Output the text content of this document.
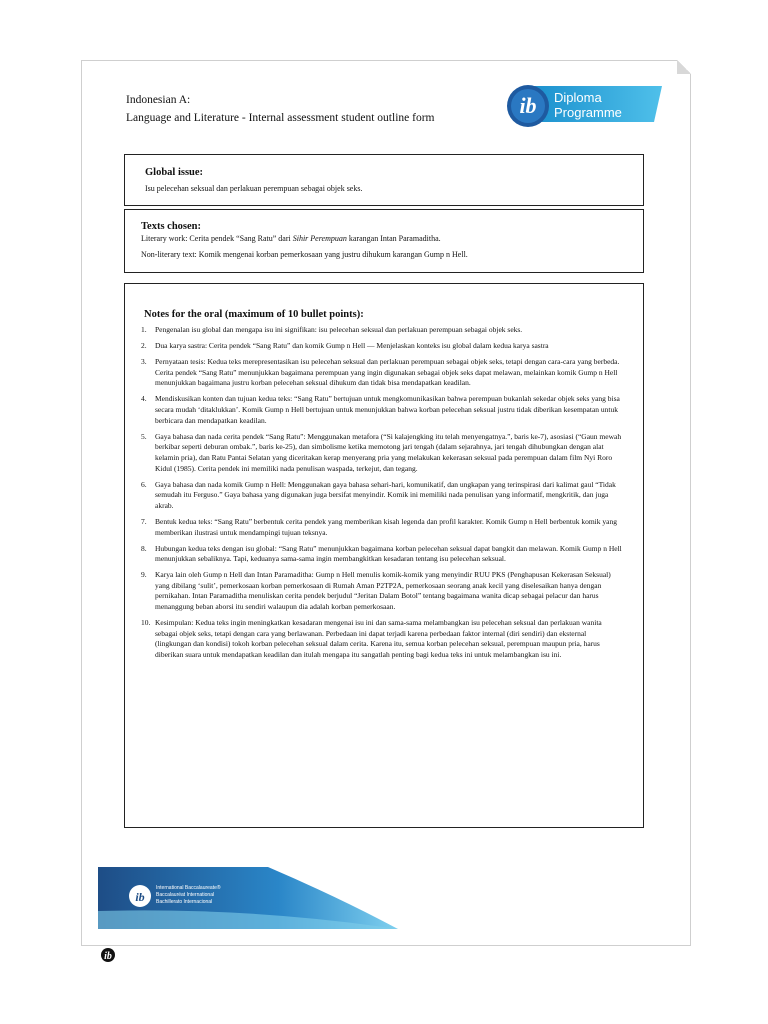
Indonesian A:
Language and Literature - Internal assessment student outline form	ib Diploma
Programme
Global issue:

Isu pelecehan seksual dan perlakuan perempuan sebagai objek seks.

Texts chosen:

Literary work: Cerita pendek “Sang Ratu” dari Sihir Perempuan karangan Intan Paramaditha.

Non-literary text: Komik mengenai korban pemerkosaan yang justru dihukum karangan Gump n Hell.

Notes for the oral (maximum of 10 bullet points):
1.	Pengenalan isu global dan mengapa isu ini signifikan: isu pelecehan seksual dan perlakuan perempuan sebagai objek seks.
2.	Dua karya sastra: Cerita pendek “Sang Ratu” dan komik Gump n Hell — Menjelaskan konteks isu global dalam kedua karya sastra
3.	Pernyataan tesis: Kedua teks merepresentasikan isu pelecehan seksual dan perlakuan perempuan sebagai objek seks, tetapi dengan cara-cara yang berbeda. Cerita pendek “Sang Ratu” menunjukkan bagaimana perempuan yang ingin digunakan sebagai objek seks dapat melawan, melainkan komik Gump n Hell menunjukkan bagaimana justru korban pelecehan seksual dihukum dan tidak bisa mendapatkan keadilan.
4.	Mendiskusikan konten dan tujuan kedua teks: “Sang Ratu” bertujuan untuk mengkomunikasikan bahwa perempuan bukanlah sekedar objek seks yang bisa secara mudah ‘ditaklukkan’. Komik Gump n Hell bertujuan untuk menunjukkan bahwa korban pelecehan seksual justru tidak diberikan kesempatan untuk berbicara dan mendapatkan keadilan.
5.	Gaya bahasa dan nada cerita pendek “Sang Ratu”: Menggunakan metafora (“Si kalajengking itu telah menyengatnya.”, baris ke-7), asosiasi (“Gaun mewah berkibar seperti deburan ombak.”, baris ke-25), dan simbolisme ketika memotong jari tengah (dalam sejarahnya, jari tengah dihubungkan dengan alat kelamin pria), dan Ratu Pantai Selatan yang diceritakan kerap menyerang pria yang melakukan kekerasan seksual pada perempuan dalam film Nyi Roro Kidul (1985). Cerita pendek ini memiliki nada penulisan waspada, terkejut, dan tegang.
6.	Gaya bahasa dan nada komik Gump n Hell: Menggunakan gaya bahasa sehari-hari, komunikatif, dan ungkapan yang terinspirasi dari kalimat gaul “Tidak semudah itu Ferguso.” Gaya bahasa yang digunakan juga bersifat menyindir. Komik ini memiliki nada penulisan yang informatif, mengkritik, dan juga akrab.
7.	Bentuk kedua teks: “Sang Ratu” berbentuk cerita pendek yang memberikan kisah legenda dan profil karakter. Komik Gump n Hell berbentuk komik yang memberikan ilustrasi untuk mendampingi tujuan teksnya.
8.	Hubungan kedua teks dengan isu global: “Sang Ratu” menunjukkan bagaimana korban pelecehan seksual dapat bangkit dan melawan. Komik Gump n Hell menunjukkan sebaliknya. Tapi, keduanya sama-sama ingin membangkitkan kesadaran tentang isu pelecehan seksual.
9.	Karya lain oleh Gump n Hell dan Intan Paramaditha: Gump n Hell menulis komik-komik yang menyindir RUU PKS (Penghapusan Kekerasan Seksual) yang dibilang ‘sulit’, pemerkosaan korban pemerkosaan di Rumah Aman P2TP2A, pemerkosaan seorang anak kecil yang diselesaikan hanya dengan pernikahan. Intan Paramaditha menuliskan cerita pendek berjudul “Jeritan Dalam Botol” tentang bagaimana wanita dicap sebagai pelacur dan harus menanggung beban aborsi itu sendiri walaupun dia adalah korban pemerkosaan.
10. Kesimpulan: Kedua teks ingin meningkatkan kesadaran mengenai isu ini dan sama-sama melambangkan isu pelecehan seksual dan perlakuan wanita sebagai objek seks, tetapi dengan cara yang berlawanan. Perbedaan ini dapat terjadi karena perbedaan faktor internal (diri sendiri) dan eksternal (lingkungan dan kondisi) tokoh korban pelecehan seksual dalam cerita. Karena itu, semua korban pelecehan seksual, perempuan maupun pria, harus diberikan suara untuk mendapatkan keadilan dan itulah mengapa itu sangatlah penting bagi kedua teks ini untuk melambangkan isu ini.
ib
International Baccalaureate®
Baccalauréat International
Bachillerato Internacional
ib
